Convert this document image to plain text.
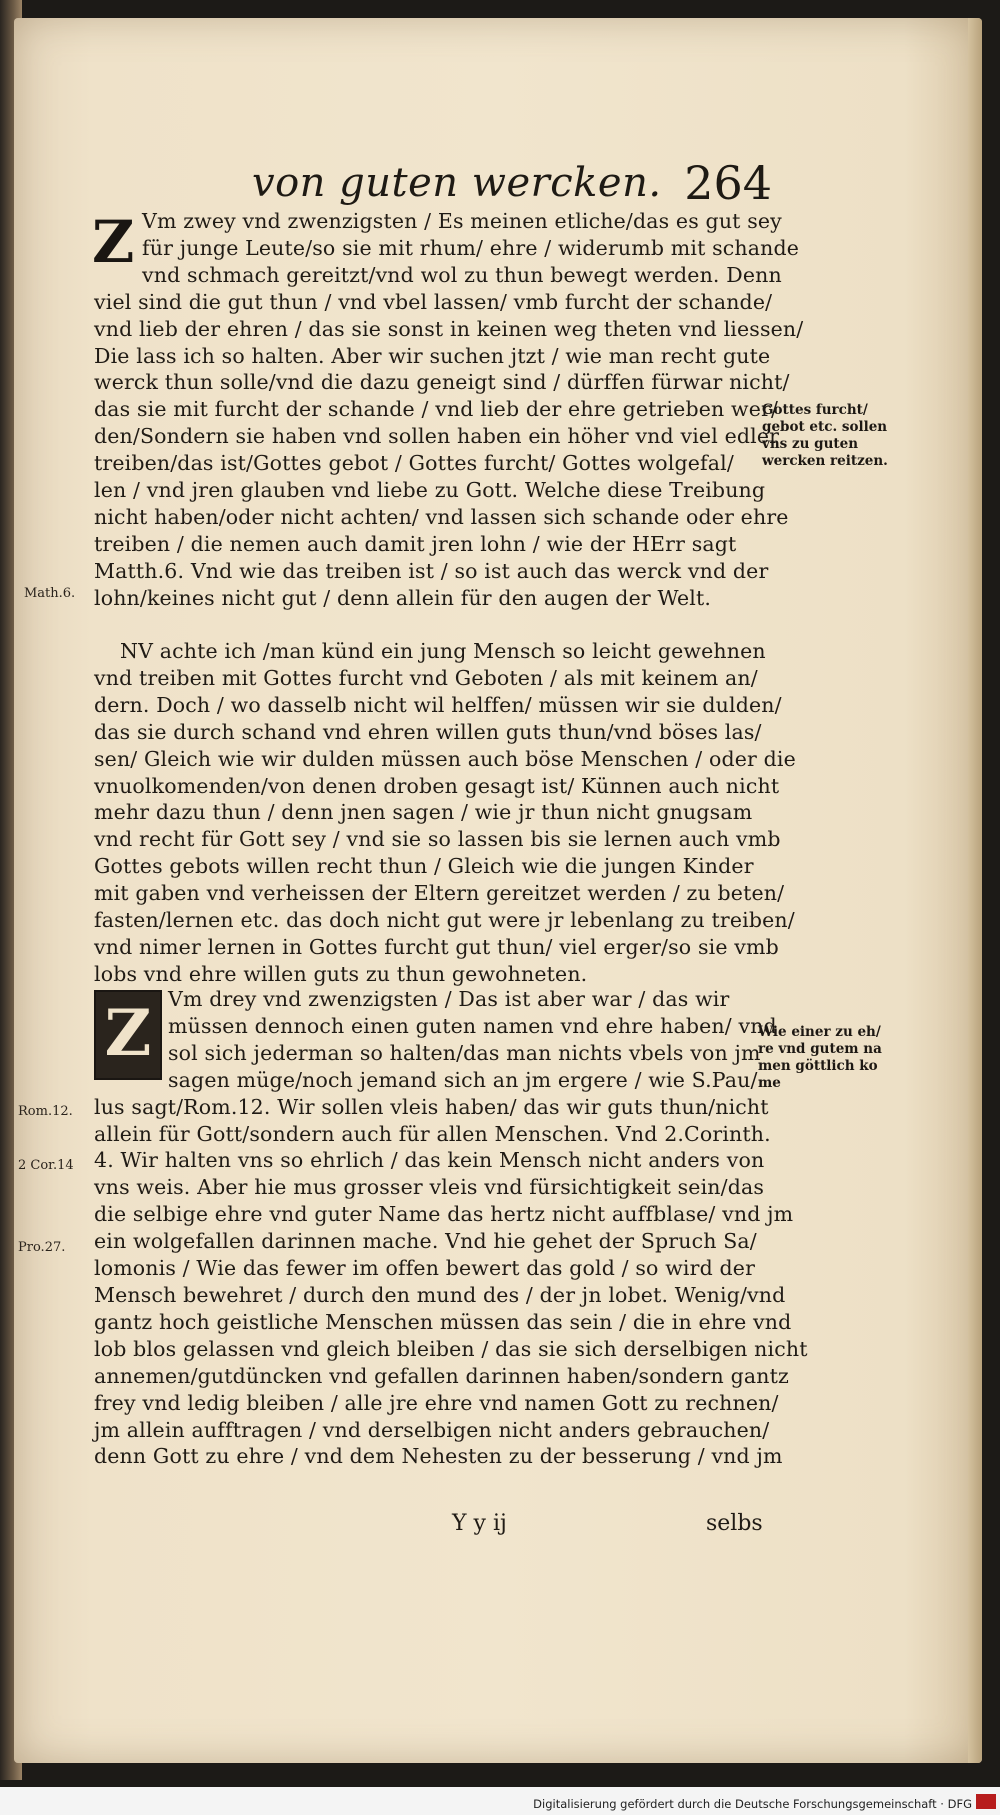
von guten wercken. 264
Z Vm zwey vnd zwenzigsten / Es meinen etliche/das es gut sey
für junge Leute/so sie mit rhum/ ehre / widerumb mit schande
vnd schmach gereitzt/vnd wol zu thun bewegt werden. Denn
viel sind die gut thun / vnd vbel lassen/ vmb furcht der schande/
vnd lieb der ehren / das sie sonst in keinen weg theten vnd liessen/
Die lass ich so halten. Aber wir suchen jtzt / wie man recht gute
werck thun solle/vnd die dazu geneigt sind / dürffen fürwar nicht/
das sie mit furcht der schande / vnd lieb der ehre getrieben wer/
den/Sondern sie haben vnd sollen haben ein höher vnd viel edler
treiben/das ist/Gottes gebot / Gottes furcht/ Gottes wolgefal/
len / vnd jren glauben vnd liebe zu Gott. Welche diese Treibung
nicht haben/oder nicht achten/ vnd lassen sich schande oder ehre
treiben / die nemen auch damit jren lohn / wie der HErr sagt
Matth.6. Vnd wie das treiben ist / so ist auch das werck vnd der
lohn/keines nicht gut / denn allein für den augen der Welt.
NV achte ich /man künd ein jung Mensch so leicht gewehnen
vnd treiben mit Gottes furcht vnd Geboten / als mit keinem an/
dern. Doch / wo dasselb nicht wil helffen/ müssen wir sie dulden/
das sie durch schand vnd ehren willen guts thun/vnd böses las/
sen/ Gleich wie wir dulden müssen auch böse Menschen / oder die
vnuolkomenden/von denen droben gesagt ist/ Künnen auch nicht
mehr dazu thun / denn jnen sagen / wie jr thun nicht gnugsam
vnd recht für Gott sey / vnd sie so lassen bis sie lernen auch vmb
Gottes gebots willen recht thun / Gleich wie die jungen Kinder
mit gaben vnd verheissen der Eltern gereitzet werden / zu beten/
fasten/lernen etc. das doch nicht gut were jr lebenlang zu treiben/
vnd nimer lernen in Gottes furcht gut thun/ viel erger/so sie vmb
lobs vnd ehre willen guts zu thun gewohneten.
Z Vm drey vnd zwenzigsten / Das ist aber war / das wir
müssen dennoch einen guten namen vnd ehre haben/ vnd
sol sich jederman so halten/das man nichts vbels von jm
sagen müge/noch jemand sich an jm ergere / wie S.Pau/
lus sagt/Rom.12. Wir sollen vleis haben/ das wir guts thun/nicht
allein für Gott/sondern auch für allen Menschen. Vnd 2.Corinth.
4. Wir halten vns so ehrlich / das kein Mensch nicht anders von
vns weis. Aber hie mus grosser vleis vnd fürsichtigkeit sein/das
die selbige ehre vnd guter Name das hertz nicht auffblase/ vnd jm
ein wolgefallen darinnen mache. Vnd hie gehet der Spruch Sa/
lomonis / Wie das fewer im offen bewert das gold / so wird der
Mensch bewehret / durch den mund des / der jn lobet. Wenig/vnd
gantz hoch geistliche Menschen müssen das sein / die in ehre vnd
lob blos gelassen vnd gleich bleiben / das sie sich derselbigen nicht
annemen/gutdüncken vnd gefallen darinnen haben/sondern gantz
frey vnd ledig bleiben / alle jre ehre vnd namen Gott zu rechnen/
jm allein aufftragen / vnd derselbigen nicht anders gebrauchen/
denn Gott zu ehre / vnd dem Nehesten zu der besserung / vnd jm
Gottes furcht/
gebot etc. sollen
vns zu guten
wercken reitzen.
Wie einer zu eh/
re vnd gutem na
men göttlich ko
me
Math.6.
Rom.12.
2 Cor.14
Pro.27.
Y y ij	selbs
Digitalisierung gefördert durch die Deutsche Forschungsgemeinschaft · DFG
